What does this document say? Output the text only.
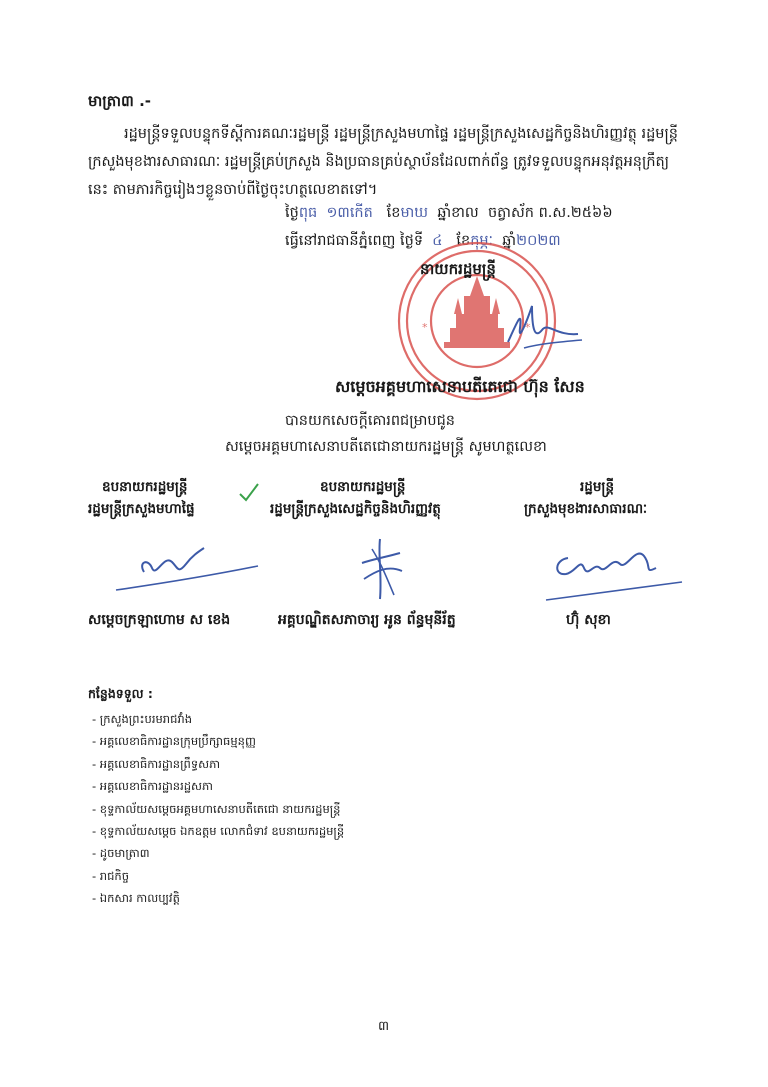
មាត្រា៣ .-
រដ្ឋមន្ត្រីទទួលបន្ទុកទីស្តីការគណៈរដ្ឋមន្ត្រី រដ្ឋមន្ត្រីក្រសួងមហាផ្ទៃ រដ្ឋមន្ត្រីក្រសួងសេដ្ឋកិច្ចនិងហិរញ្ញវត្ថុ រដ្ឋមន្ត្រីក្រសួងមុខងារសាធារណៈ រដ្ឋមន្ត្រីគ្រប់ក្រសួង និងប្រធានគ្រប់ស្ថាប័នដែលពាក់ព័ន្ធ ត្រូវទទួលបន្ទុកអនុវត្តអនុក្រឹត្យនេះ តាមភារកិច្ចរៀងៗខ្លួនចាប់ពីថ្ងៃចុះហត្ថលេខាតទៅ។
ថ្ងៃពុធ ១៣កើត ខែមាឃ ឆ្នាំខាល ចត្វាស័ក ព.ស.២៥៦៦
ធ្វើនៅរាជធានីភ្នំពេញ ថ្ងៃទី ៤ ខែកុម្ភៈ ឆ្នាំ២០២៣
*	*
នាយករដ្ឋមន្ត្រី
សម្តេចអគ្គមហាសេនាបតីតេជោ ហ៊ុន សែន
បានយកសេចក្តីគោរពជម្រាបជូន
សម្តេចអគ្គមហាសេនាបតីតេជោនាយករដ្ឋមន្ត្រី សូមហត្ថលេខា
ឧបនាយករដ្ឋមន្ត្រី
រដ្ឋមន្ត្រីក្រសួងមហាផ្ទៃ
សម្តេចក្រឡាហោម ស ខេង
ឧបនាយករដ្ឋមន្ត្រី
រដ្ឋមន្ត្រីក្រសួងសេដ្ឋកិច្ចនិងហិរញ្ញវត្ថុ
អគ្គបណ្ឌិតសភាចារ្យ អូន ព័ន្ធមុនីរ័ត្ន
រដ្ឋមន្ត្រី
ក្រសួងមុខងារសាធារណៈ
ហ៊ុំ សុខា
កន្លែងទទួល :
- ក្រសួងព្រះបរមរាជវាំង
- អគ្គលេខាធិការដ្ឋានក្រុមប្រឹក្សាធម្មនុញ្ញ
- អគ្គលេខាធិការដ្ឋានព្រឹទ្ធសភា
- អគ្គលេខាធិការដ្ឋានរដ្ឋសភា
- ខុទ្ទកាល័យសម្តេចអគ្គមហាសេនាបតីតេជោ នាយករដ្ឋមន្ត្រី
- ខុទ្ទកាល័យសម្តេច ឯកឧត្តម លោកជំទាវ ឧបនាយករដ្ឋមន្ត្រី
- ដូចមាត្រា៣
- រាជកិច្ច
- ឯកសារ កាលប្បវត្តិ
៣
